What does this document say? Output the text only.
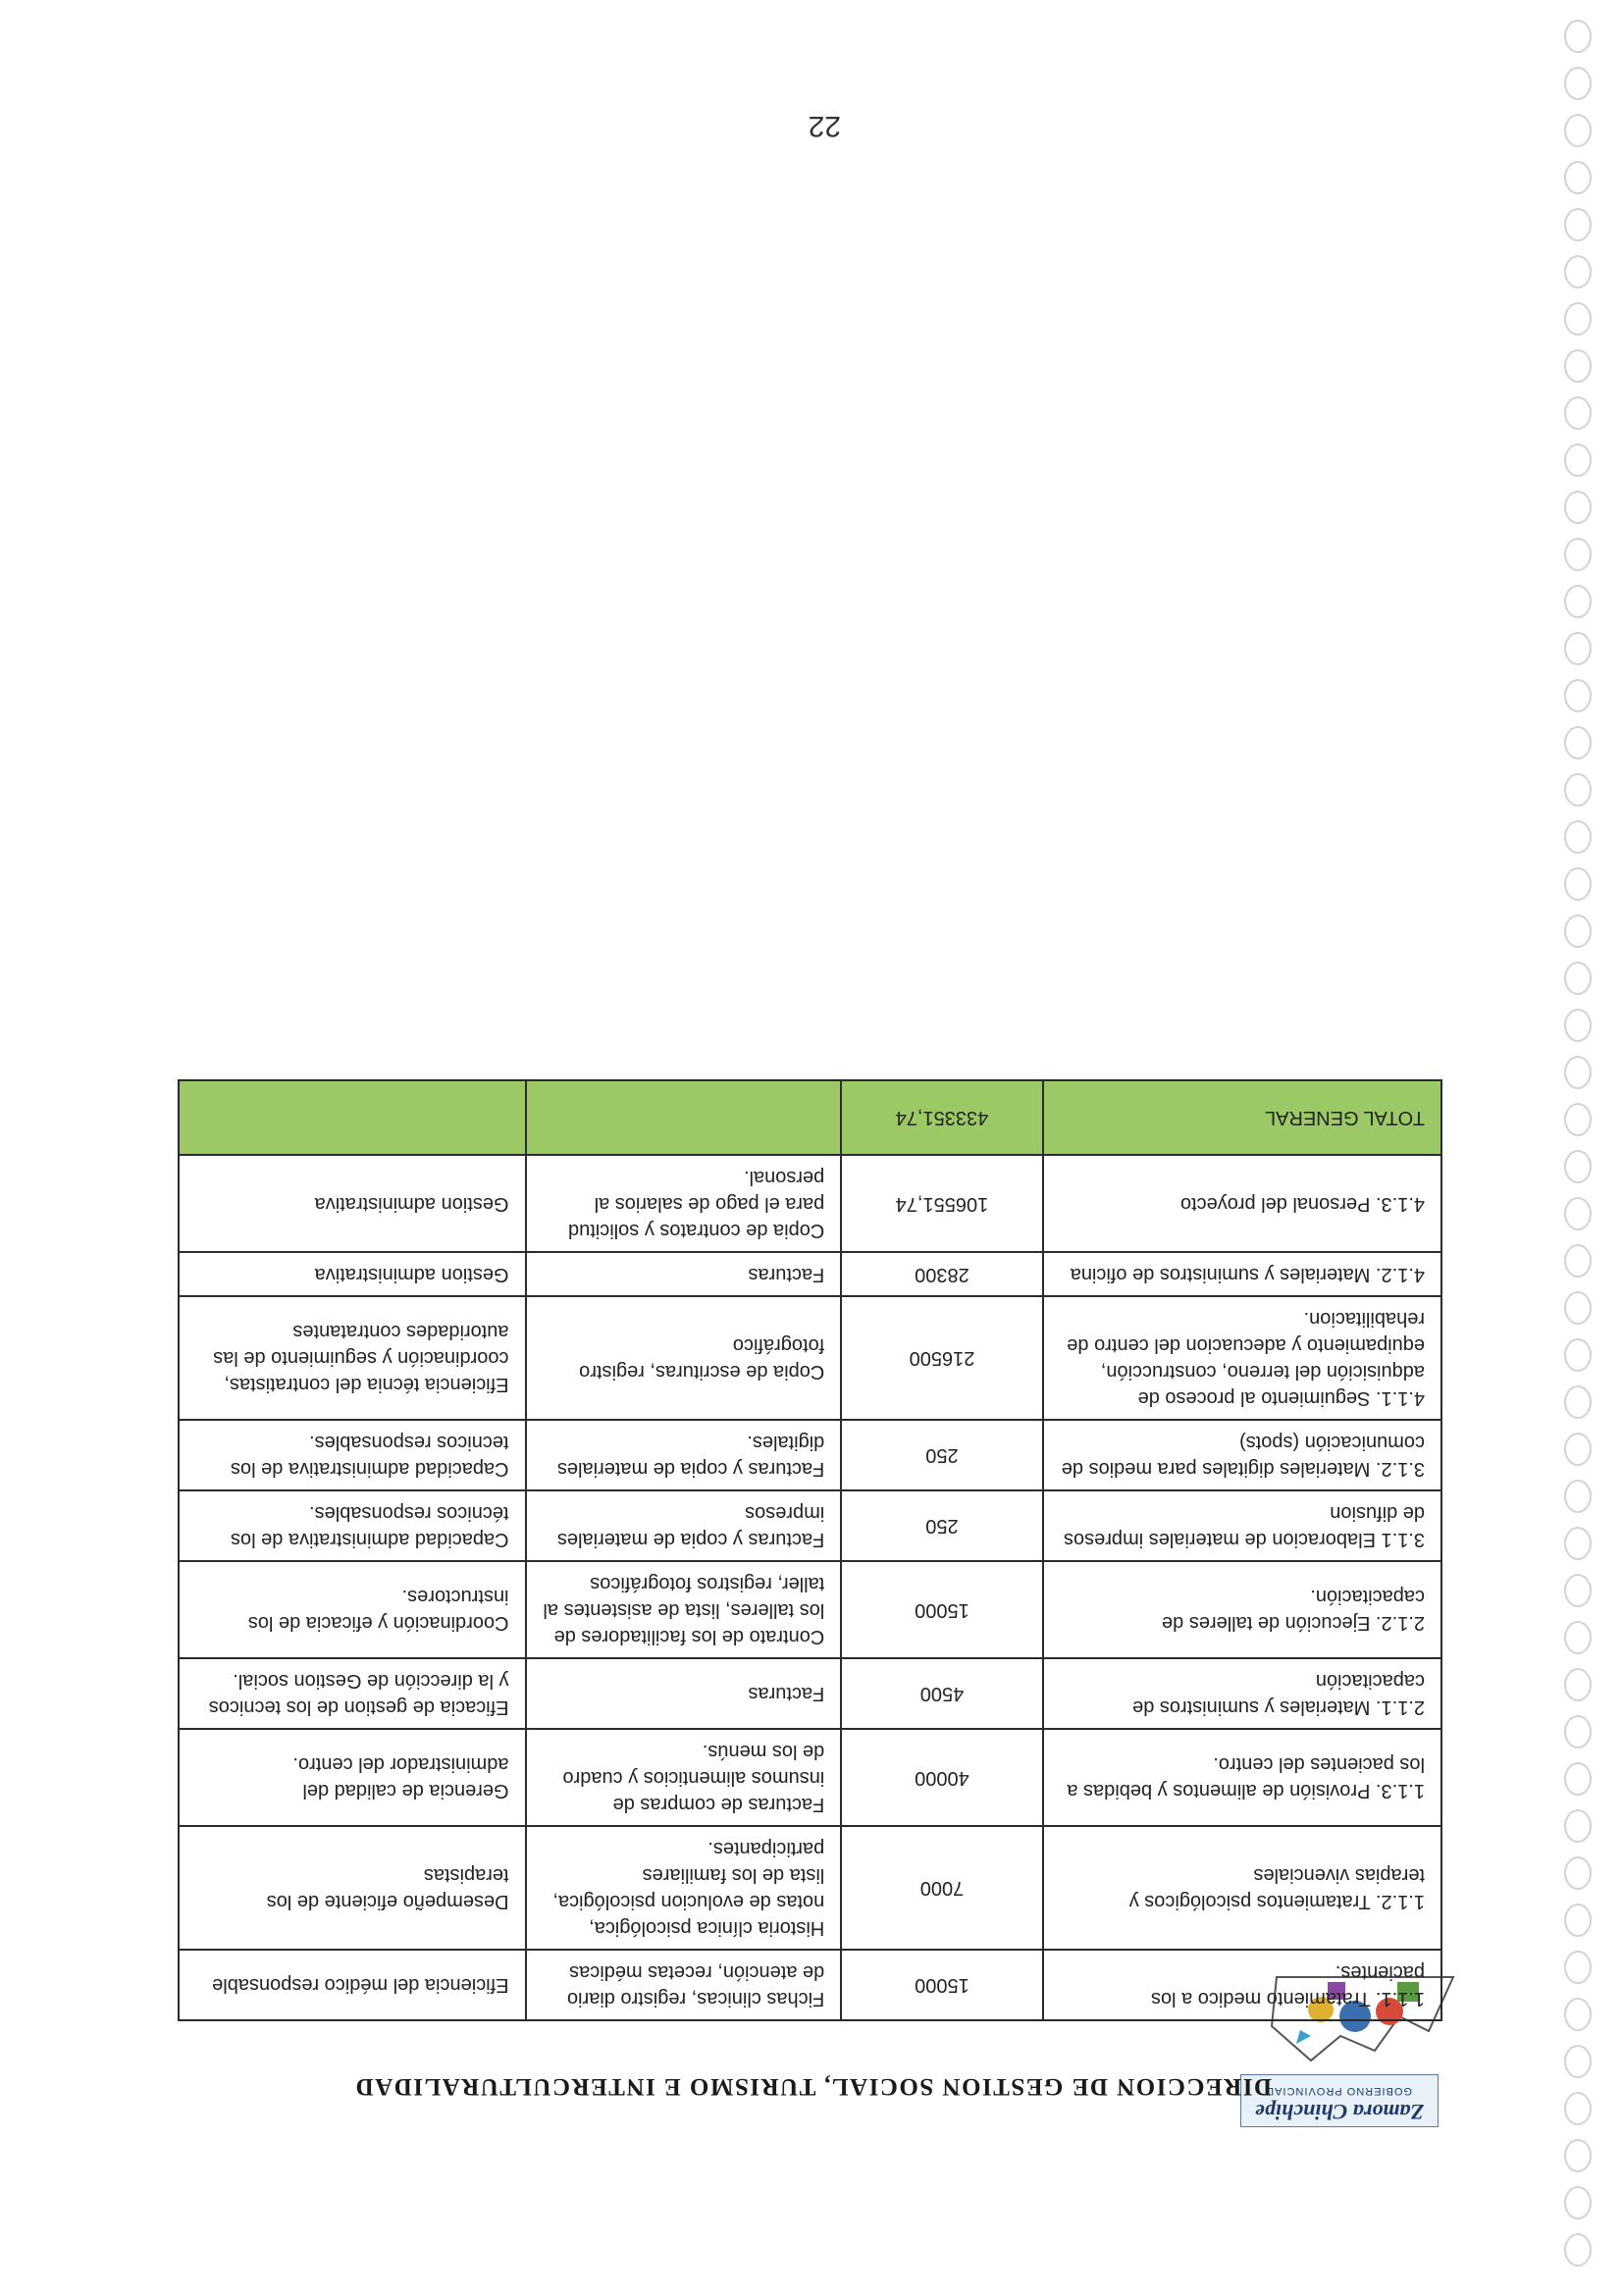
Zamora Chinchipe
GOBIERNO PROVINCIAL
DIRECCION DE GESTION SOCIAL, TURISMO E INTERCULTURALIDAD
1.1.1. Tratamiento medico a los pacientes.	15000	Fichas clinicas, registro diario de atención, recetas médicas	Eficiencia del médico responsable
1.1.2. Tratamientos psicológicos y terapias vivenciales	7000	Historia clínica psicológica, notas de evolucion psicológica, lista de los familiares participantes.	Desempeño eficiente de los terapistas
1.1.3. Provisión de alimentos y bebidas a los pacientes del centro.	40000	Facturas de compras de insumos alimenticios y cuadro de los menús.	Gerencia de calidad del administrador del centro.
2.1.1. Materiales y suministros de capacitación	4500	Facturas	Eficacia de gestion de los tecnicos y la dirección de Gestion social.
2.1.2. Ejecución de talleres de capacitación.	15000	Contrato de los facilitadores de los talleres, lista de asistentes al taller, registros fotográficos	Coordinación y eficacia de los instructores.
3.1.1 Elaboracion de materiales impresos de difusion	250	Facturas y copia de materiales impresos	Capacidad administrativa de los técnicos responsables.
3.1.2. Materiales digitales para medios de comunicación (spots)	250	Facturas y copia de materiales digitales.	Capacidad administrativa de los tecnicos responsables.
4.1.1. Seguimiento al proceso de adquisición del terreno, construcción, equipamiento y adecuacion del centro de rehabilitacion.	216500	Copia de escrituras, registro fotográfico	Eficiencia técnia del contratistas, coordinación y seguimiento de las autoridades contratantes
4.1.2. Materiales y suministros de oficina	28300	Facturas	Gestion administrativa
4.1.3. Personal del proyecto	106551,74	Copia de contratos y solicitud para el pago de salarios al personal.	Gestion administrativa
TOTAL GENERAL	433351,74		
22
